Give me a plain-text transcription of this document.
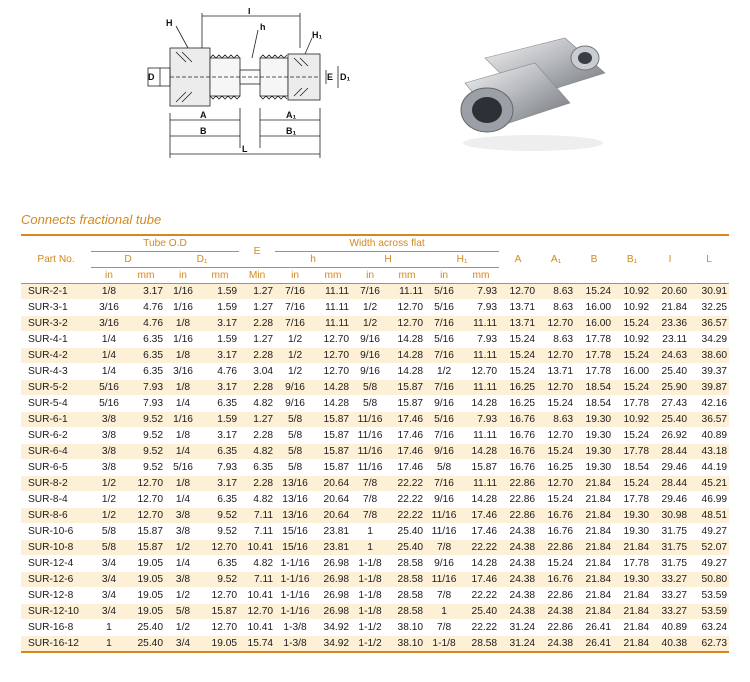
H
I
h
H₁
D	E D₁
A	A₁
B	B₁
L
Connects fractional tube
Part No.	Tube O.D				E	Width across flat						A	A₁	B	B₁	I	L
	D		D₁			h		H		H₁							
	in	mm	in	mm	Min	in	mm	in	mm	in	mm						
SUR-2-1	1/8	3.17	1/16	1.59	1.27	7/16	11.11	7/16	11.11	5/16	7.93	12.70	8.63	15.24	10.92	20.60	30.91
SUR-3-1	3/16	4.76	1/16	1.59	1.27	7/16	11.11	1/2	12.70	5/16	7.93	13.71	8.63	16.00	10.92	21.84	32.25
SUR-3-2	3/16	4.76	1/8	3.17	2.28	7/16	11.11	1/2	12.70	7/16	11.11	13.71	12.70	16.00	15.24	23.36	36.57
SUR-4-1	1/4	6.35	1/16	1.59	1.27	1/2	12.70	9/16	14.28	5/16	7.93	15.24	8.63	17.78	10.92	23.11	34.29
SUR-4-2	1/4	6.35	1/8	3.17	2.28	1/2	12.70	9/16	14.28	7/16	11.11	15.24	12.70	17.78	15.24	24.63	38.60
SUR-4-3	1/4	6.35	3/16	4.76	3.04	1/2	12.70	9/16	14.28	1/2	12.70	15.24	13.71	17.78	16.00	25.40	39.37
SUR-5-2	5/16	7.93	1/8	3.17	2.28	9/16	14.28	5/8	15.87	7/16	11.11	16.25	12.70	18.54	15.24	25.90	39.87
SUR-5-4	5/16	7.93	1/4	6.35	4.82	9/16	14.28	5/8	15.87	9/16	14.28	16.25	15.24	18.54	17.78	27.43	42.16
SUR-6-1	3/8	9.52	1/16	1.59	1.27	5/8	15.87	11/16	17.46	5/16	7.93	16.76	8.63	19.30	10.92	25.40	36.57
SUR-6-2	3/8	9.52	1/8	3.17	2.28	5/8	15.87	11/16	17.46	7/16	11.11	16.76	12.70	19.30	15.24	26.92	40.89
SUR-6-4	3/8	9.52	1/4	6.35	4.82	5/8	15.87	11/16	17.46	9/16	14.28	16.76	15.24	19.30	17.78	28.44	43.18
SUR-6-5	3/8	9.52	5/16	7.93	6.35	5/8	15.87	11/16	17.46	5/8	15.87	16.76	16.25	19.30	18.54	29.46	44.19
SUR-8-2	1/2	12.70	1/8	3.17	2.28	13/16	20.64	7/8	22.22	7/16	11.11	22.86	12.70	21.84	15.24	28.44	45.21
SUR-8-4	1/2	12.70	1/4	6.35	4.82	13/16	20.64	7/8	22.22	9/16	14.28	22.86	15.24	21.84	17.78	29.46	46.99
SUR-8-6	1/2	12.70	3/8	9.52	7.11	13/16	20.64	7/8	22.22	11/16	17.46	22.86	16.76	21.84	19.30	30.98	48.51
SUR-10-6	5/8	15.87	3/8	9.52	7.11	15/16	23.81	1	25.40	11/16	17.46	24.38	16.76	21.84	19.30	31.75	49.27
SUR-10-8	5/8	15.87	1/2	12.70	10.41	15/16	23.81	1	25.40	7/8	22.22	24.38	22.86	21.84	21.84	31.75	52.07
SUR-12-4	3/4	19.05	1/4	6.35	4.82	1-1/16	26.98	1-1/8	28.58	9/16	14.28	24.38	15.24	21.84	17.78	31.75	49.27
SUR-12-6	3/4	19.05	3/8	9.52	7.11	1-1/16	26.98	1-1/8	28.58	11/16	17.46	24.38	16.76	21.84	19.30	33.27	50.80
SUR-12-8	3/4	19.05	1/2	12.70	10.41	1-1/16	26.98	1-1/8	28.58	7/8	22.22	24.38	22.86	21.84	21.84	33.27	53.59
SUR-12-10	3/4	19.05	5/8	15.87	12.70	1-1/16	26.98	1-1/8	28.58	1	25.40	24.38	24.38	21.84	21.84	33.27	53.59
SUR-16-8	1	25.40	1/2	12.70	10.41	1-3/8	34.92	1-1/2	38.10	7/8	22.22	31.24	22.86	26.41	21.84	40.89	63.24
SUR-16-12	1	25.40	3/4	19.05	15.74	1-3/8	34.92	1-1/2	38.10	1-1/8	28.58	31.24	24.38	26.41	21.84	40.38	62.73
